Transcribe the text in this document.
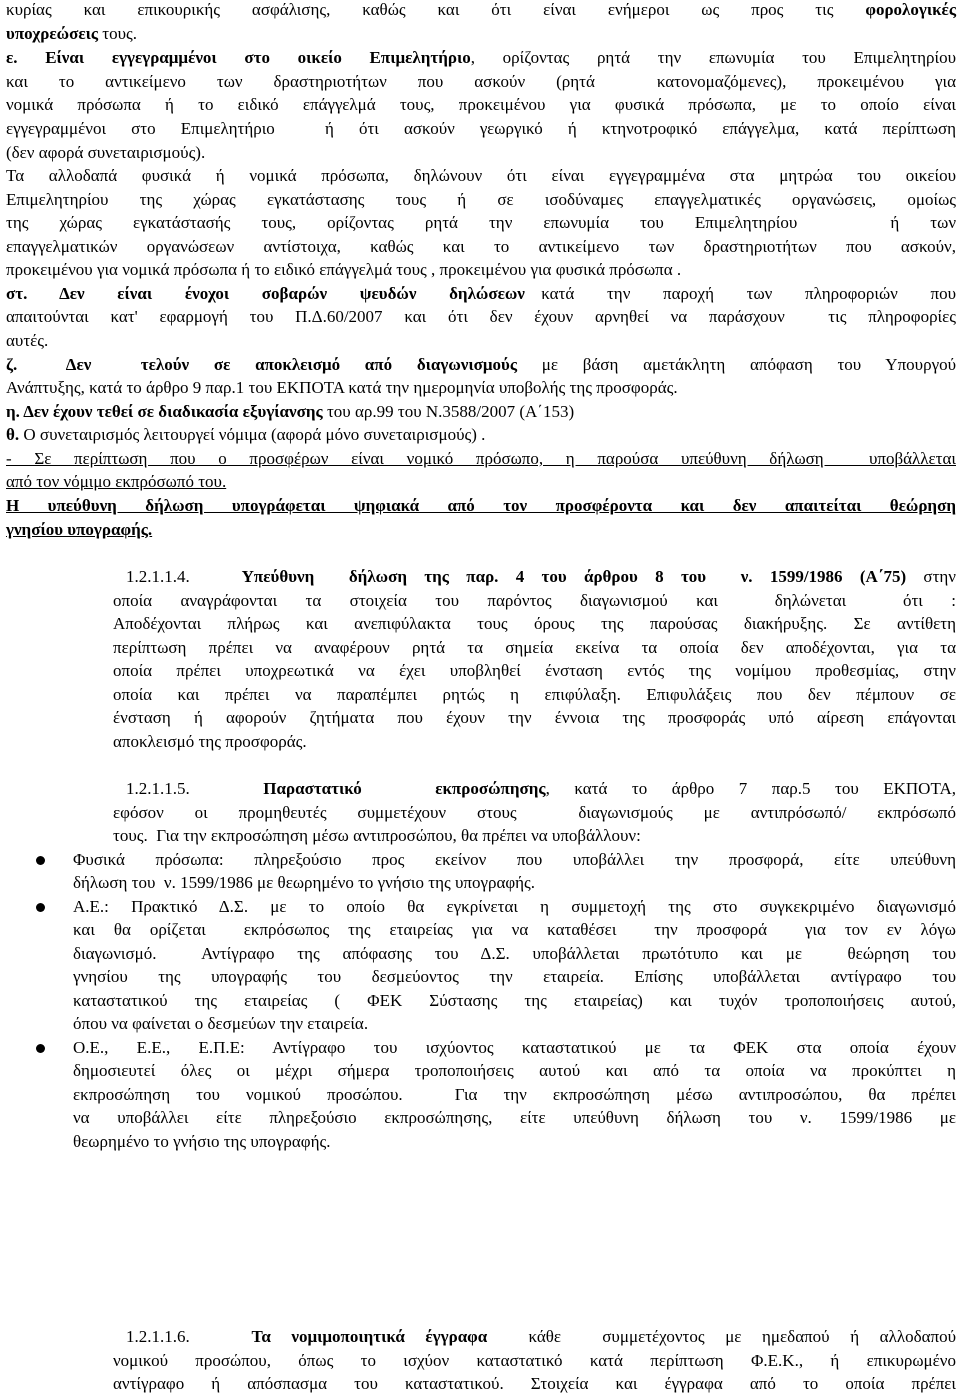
κυρίας και επικουρικής ασφάλισης, καθώς και ότι είναι ενήμεροι ως προς τις φορολογικές
υποχρεώσεις τους.
ε. Είναι εγγεγραμμένοι στο οικείο Επιμελητήριο, ορίζοντας ρητά την επωνυμία του Επιμελητηρίου
και το αντικείμενο των δραστηριοτήτων που ασκούν (ρητά  κατονομαζόμενες), προκειμένου για
νομικά πρόσωπα ή το ειδικό επάγγελμά τους, προκειμένου για φυσικά πρόσωπα, με το οποίο είναι
εγγεγραμμένοι στο Επιμελητήριο  ή ότι ασκούν γεωργικό ή κτηνοτροφικό επάγγελμα, κατά περίπτωση
(δεν αφορά συνεταιρισμούς).
Τα αλλοδαπά φυσικά ή νομικά πρόσωπα, δηλώνουν ότι είναι εγγεγραμμένα στα μητρώα του οικείου
Επιμελητηρίου της χώρας εγκατάστασης τους ή σε ισοδύναμες επαγγελματικές οργανώσεις, ομοίως
της χώρας εγκατάστασής τους, ορίζοντας ρητά την επωνυμία του Επιμελητηρίου   ή των
επαγγελματικών οργανώσεων αντίστοιχα, καθώς και το αντικείμενο των δραστηριοτήτων που ασκούν,
προκειμένου για νομικά πρόσωπα ή το ειδικό επάγγελμά τους , προκειμένου για φυσικά πρόσωπα .
στ.  Δεν  είναι  ένοχοι  σοβαρών  ψευδών  δηλώσεων κατά  την  παροχή  των  πληροφοριών  που
απαιτούνται κατ' εφαρμογή του Π.Δ.60/2007 και ότι δεν έχουν αρνηθεί να παράσχουν  τις πληροφορίες
αυτές.
ζ.  Δεν  τελούν σε αποκλεισμό από διαγωνισμούς με βάση αμετάκλητη απόφαση του Υπουργού
Ανάπτυξης, κατά το άρθρο 9 παρ.1 του ΕΚΠΟΤΑ κατά την ημερομηνία υποβολής της προσφοράς.
η. Δεν έχουν τεθεί σε διαδικασία εξυγίανσης του αρ.99 του Ν.3588/2007 (Α΄153)
θ. Ο συνεταιρισμός λειτουργεί νόμιμα (αφορά μόνο συνεταιρισμούς) .
- Σε περίπτωση που ο προσφέρων είναι νομικό πρόσωπο, η παρούσα υπεύθυνη δήλωση  υποβάλλεται
από τον νόμιμο εκπρόσωπό του.
Η υπεύθυνη δήλωση υπογράφεται ψηφιακά από τον προσφέροντα και δεν απαιτείται θεώρηση
γνησίου υπογραφής.
1.2.1.1.4.	Υπεύθυνη  δήλωση της παρ. 4 του άρθρου 8 του  ν. 1599/1986 (Α΄75) στην
οποία αναγράφονται τα στοιχεία του παρόντος διαγωνισμού και  δηλώνεται  ότι :
Αποδέχονται πλήρως και ανεπιφύλακτα τους όρους της παρούσας διακήρυξης. Σε αντίθετη
περίπτωση πρέπει να αναφέρουν ρητά τα σημεία εκείνα τα οποία δεν αποδέχονται, για τα
οποία πρέπει υποχρεωτικά να έχει υποβληθεί ένσταση εντός της νομίμου προθεσμίας, στην
οποία και πρέπει να παραπέμπει ρητώς η επιφύλαξη. Επιφυλάξεις που δεν πέμπουν σε
ένσταση  ή  αφορούν  ζητήματα  που  έχουν  την  έννοια  της  προσφοράς  υπό  αίρεση  επάγονται
αποκλεισμό της προσφοράς.
1.2.1.1.5.	Παραστατικό   εκπροσώπησης, κατά το άρθρο 7 παρ.5 του ΕΚΠΟΤΑ,
εφόσον οι προμηθευτές συμμετέχουν στους  διαγωνισμούς με αντιπρόσωπό/ εκπρόσωπό
τους.  Για την εκπροσώπηση μέσω αντιπροσώπου, θα πρέπει να υποβάλλουν:
Φυσικά πρόσωπα: πληρεξούσιο προς εκείνον που υποβάλλει την προσφορά, είτε υπεύθυνη
δήλωση του  ν. 1599/1986 με θεωρημένο το γνήσιο της υπογραφής.
Α.Ε.: Πρακτικό Δ.Σ. με το οποίο θα εγκρίνεται η συμμετοχή της στο συγκεκριμένο διαγωνισμό
και θα ορίζεται  εκπρόσωπος της εταιρείας για να καταθέσει  την προσφορά  για τον εν λόγω
διαγωνισμό.  Αντίγραφο της απόφασης του Δ.Σ. υποβάλλεται πρωτότυπο και με  θεώρηση του
γνησίου της υπογραφής του δεσμεύοντος την εταιρεία. Επίσης υποβάλλεται αντίγραφο του
καταστατικού της εταιρείας ( ΦΕΚ Σύστασης της εταιρείας) και τυχόν τροποποιήσεις αυτού,
όπου να φαίνεται ο δεσμεύων την εταιρεία.
Ο.Ε., Ε.Ε., Ε.Π.Ε: Αντίγραφο του ισχύοντος καταστατικού με τα ΦΕΚ στα οποία έχουν
δημοσιευτεί όλες οι μέχρι σήμερα τροποποιήσεις αυτού και από τα οποία να προκύπτει η
εκπροσώπηση του νομικού προσώπου.  Για την εκπροσώπηση μέσω αντιπροσώπου, θα πρέπει
να υποβάλλει είτε πληρεξούσιο εκπροσώπησης, είτε υπεύθυνη δήλωση του ν. 1599/1986 με
θεωρημένο το γνήσιο της υπογραφής.
1.2.1.1.6.	Τα νομιμοποιητικά έγγραφα  κάθε  συμμετέχοντος με ημεδαπού ή αλλοδαπού
νομικού προσώπου, όπως το ισχύον καταστατικό κατά περίπτωση Φ.Ε.Κ., ή επικυρωμένο
αντίγραφο ή απόσπασμα του καταστατικού. Στοιχεία και έγγραφα από το οποία πρέπει
